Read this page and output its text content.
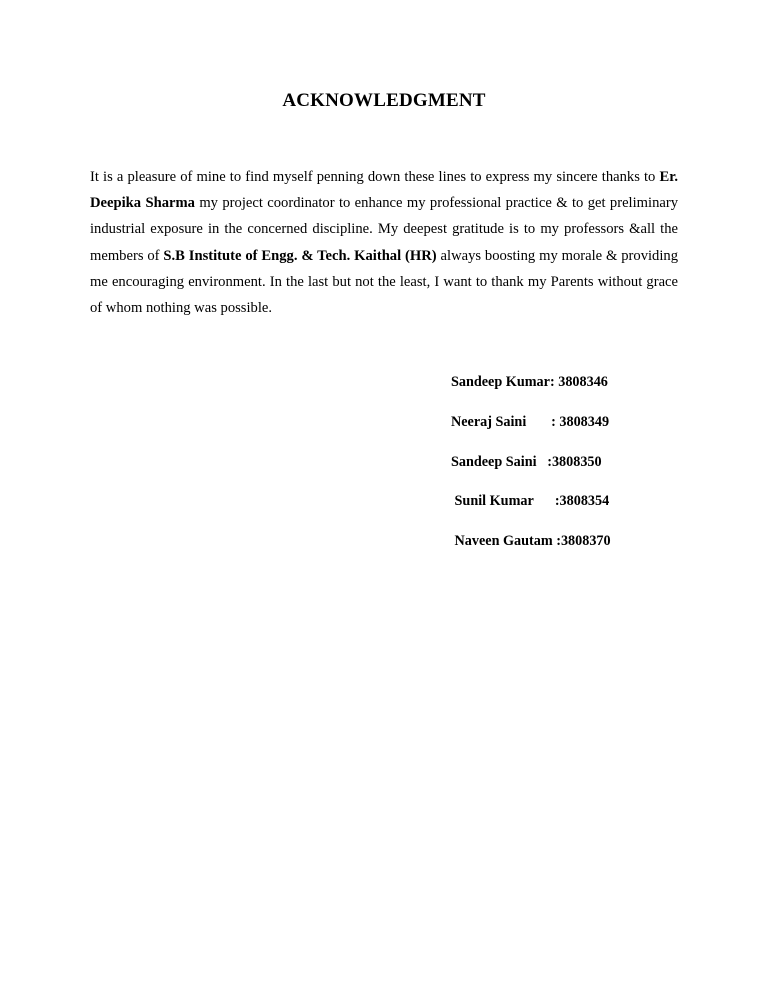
ACKNOWLEDGMENT
It is a pleasure of mine to find myself penning down these lines to express my sincere thanks to Er. Deepika Sharma my project coordinator to enhance my professional practice & to get preliminary industrial exposure in the concerned discipline. My deepest gratitude is to my professors &all the members of S.B Institute of Engg. & Tech. Kaithal (HR) always boosting my morale & providing me encouraging environment. In the last but not the least, I want to thank my Parents without grace of whom nothing was possible.
Sandeep Kumar: 3808346
Neeraj Saini       : 3808349
Sandeep Saini   :3808350
Sunil Kumar      :3808354
Naveen Gautam :3808370
